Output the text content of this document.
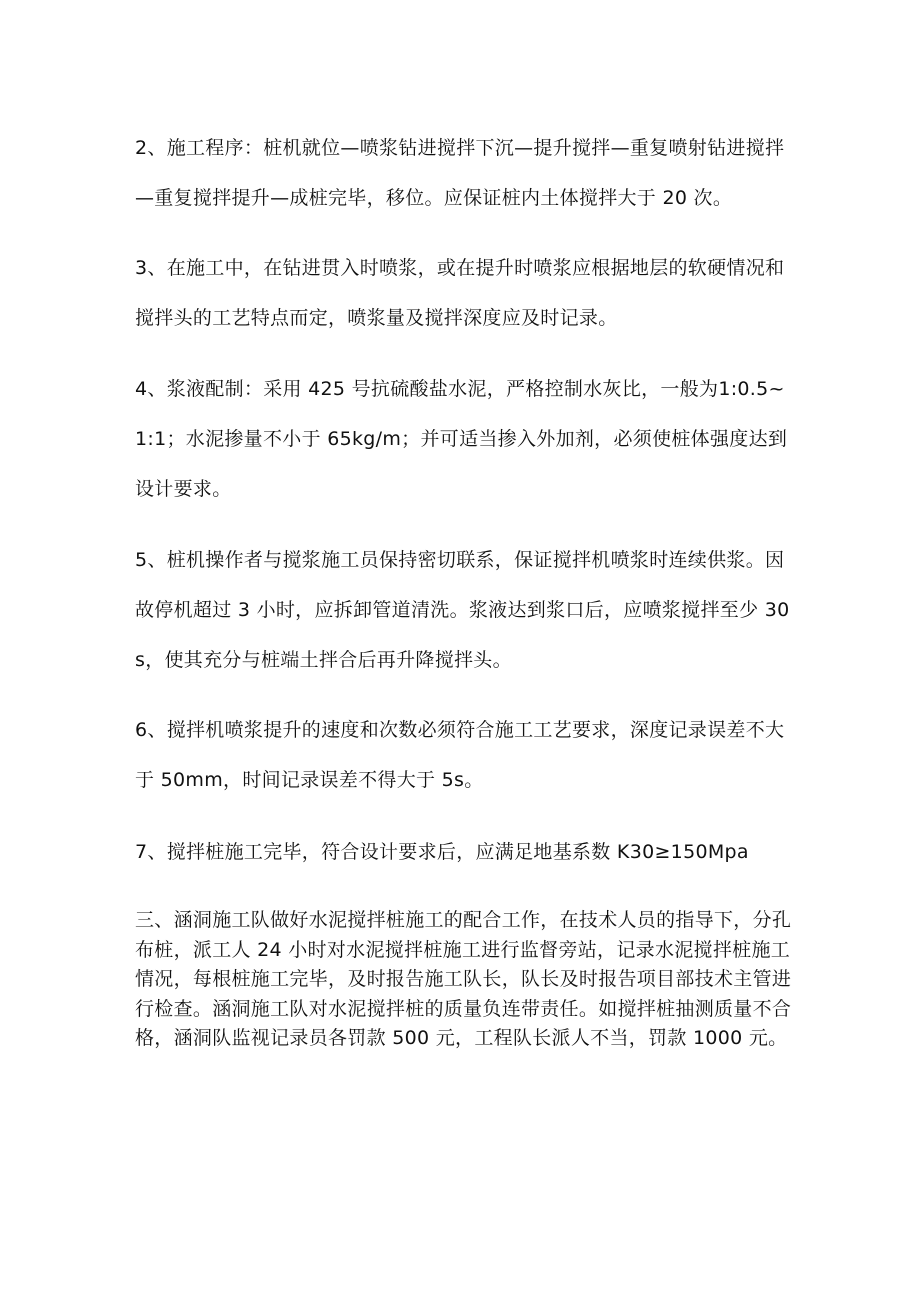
2、施工程序：桩机就位—喷浆钻进搅拌下沉—提升搅拌—重复喷射钻进搅拌—重复搅拌提升—成桩完毕，移位。应保证桩内土体搅拌大于 20 次。

3、在施工中，在钻进贯入时喷浆，或在提升时喷浆应根据地层的软硬情况和搅拌头的工艺特点而定，喷浆量及搅拌深度应及时记录。

4、浆液配制：采用 425 号抗硫酸盐水泥，严格控制水灰比，一般为1:0.5~1:1；水泥掺量不小于 65kg/m；并可适当掺入外加剂，必须使桩体强度达到设计要求。

5、桩机操作者与搅浆施工员保持密切联系，保证搅拌机喷浆时连续供浆。因故停机超过 3 小时，应拆卸管道清洗。浆液达到浆口后，应喷浆搅拌至少 30s，使其充分与桩端土拌合后再升降搅拌头。

6、搅拌机喷浆提升的速度和次数必须符合施工工艺要求，深度记录误差不大于 50mm，时间记录误差不得大于 5s。

7、搅拌桩施工完毕，符合设计要求后，应满足地基系数 K30≥150Mpa

三、涵洞施工队做好水泥搅拌桩施工的配合工作，在技术人员的指导下，分孔布桩，派工人 24 小时对水泥搅拌桩施工进行监督旁站，记录水泥搅拌桩施工情况，每根桩施工完毕，及时报告施工队长，队长及时报告项目部技术主管进行检查。涵洞施工队对水泥搅拌桩的质量负连带责任。如搅拌桩抽测质量不合格，涵洞队监视记录员各罚款 500 元，工程队长派人不当，罚款 1000 元。
